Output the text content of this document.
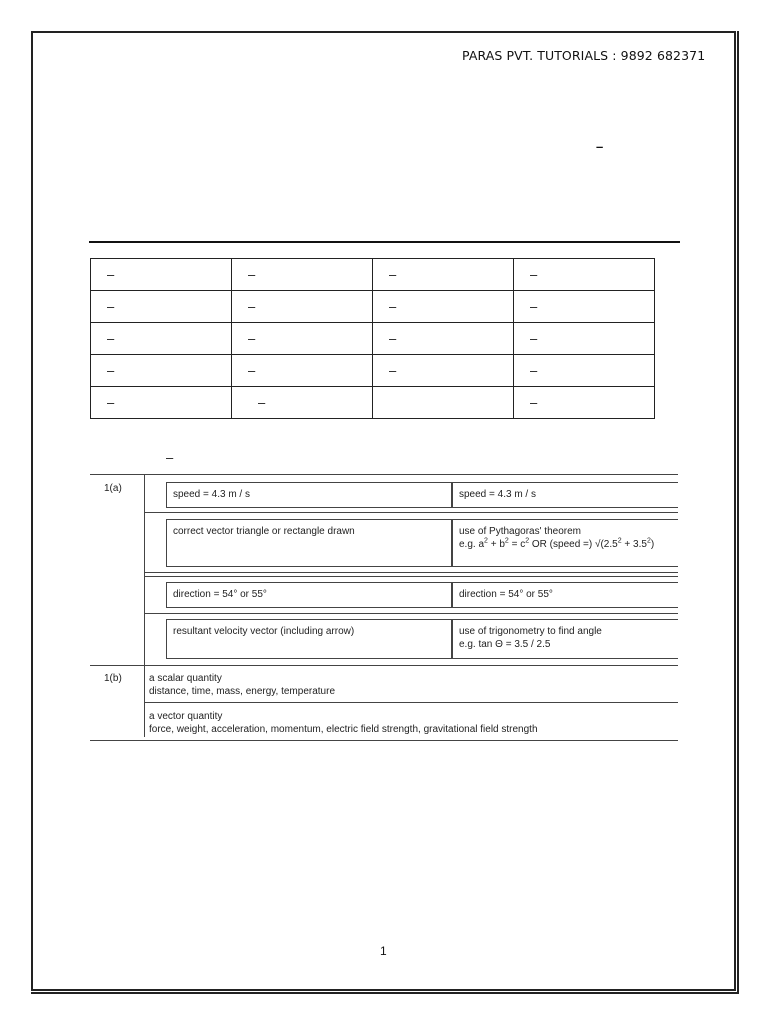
PARAS PVT. TUTORIALS : 9892 682371
–
–	–	–	–
–	–	–	–
–	–	–	–
–	–	–	–
–	–		–
–
1(a)
speed = 4.3 m / s	speed = 4.3 m / s
correct vector triangle or rectangle drawn	use of Pythagoras' theorem
e.g. $a^2 + b^2 = c^2$ OR (speed =) $√(2.5^2 + 3.5^2)$
direction = 54° or 55°	direction = 54° or 55°
resultant velocity vector (including arrow)	use of trigonometry to find angle
e.g. tan Θ = 3.5 / 2.5
1(b)	a scalar quantity
distance, time, mass, energy, temperature
a vector quantity
force, weight, acceleration, momentum, electric field strength, gravitational field strength
1
